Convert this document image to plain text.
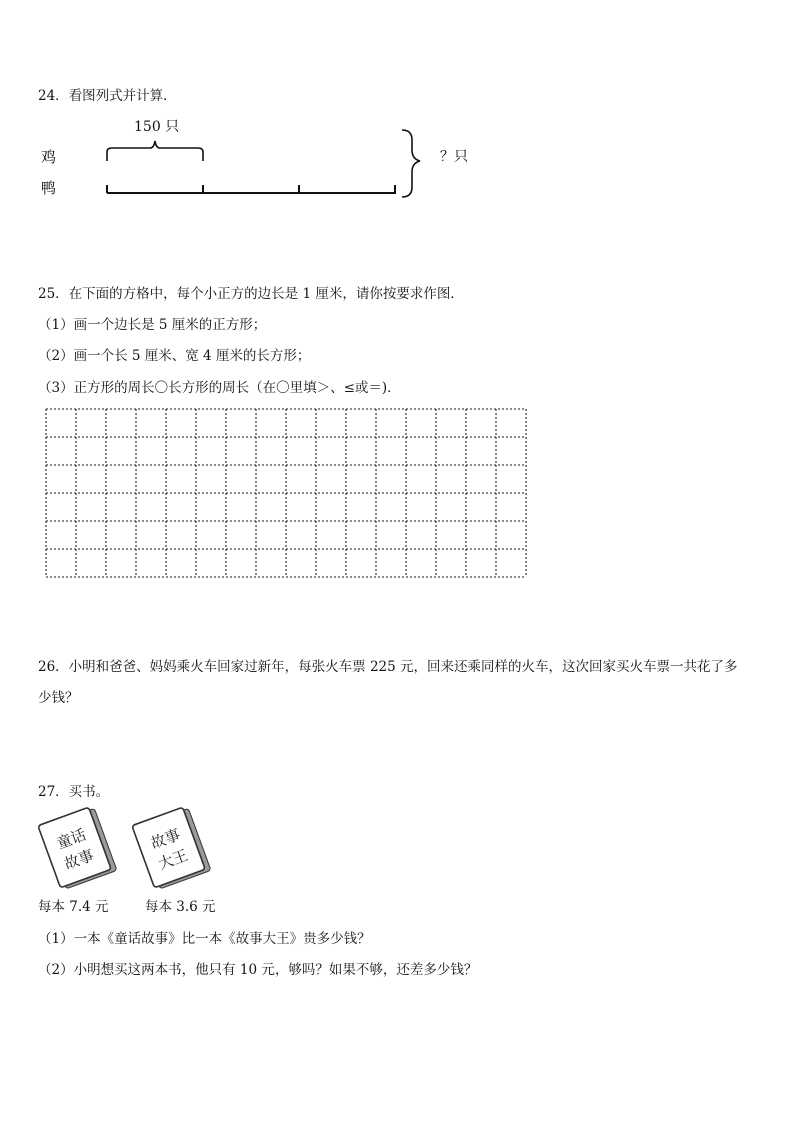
24．看图列式并计算．
150 只
鸡
鸭
？只
25．在下面的方格中，每个小正方的边长是 1 厘米，请你按要求作图．
（1）画一个边长是 5 厘米的正方形；
（2）画一个长 5 厘米、宽 4 厘米的长方形；
（3）正方形的周长〇长方形的周长（在〇里填＞、≤或＝)．
26．小明和爸爸、妈妈乘火车回家过新年，每张火车票 225 元，回来还乘同样的火车，这次回家买火车票一共花了多
少钱？
27．买书。
童话
故事
故事
大王
每本 7.4 元	每本 3.6 元
（1）一本《童话故事》比一本《故事大王》贵多少钱？
（2）小明想买这两本书，他只有 10 元，够吗？如果不够，还差多少钱？
